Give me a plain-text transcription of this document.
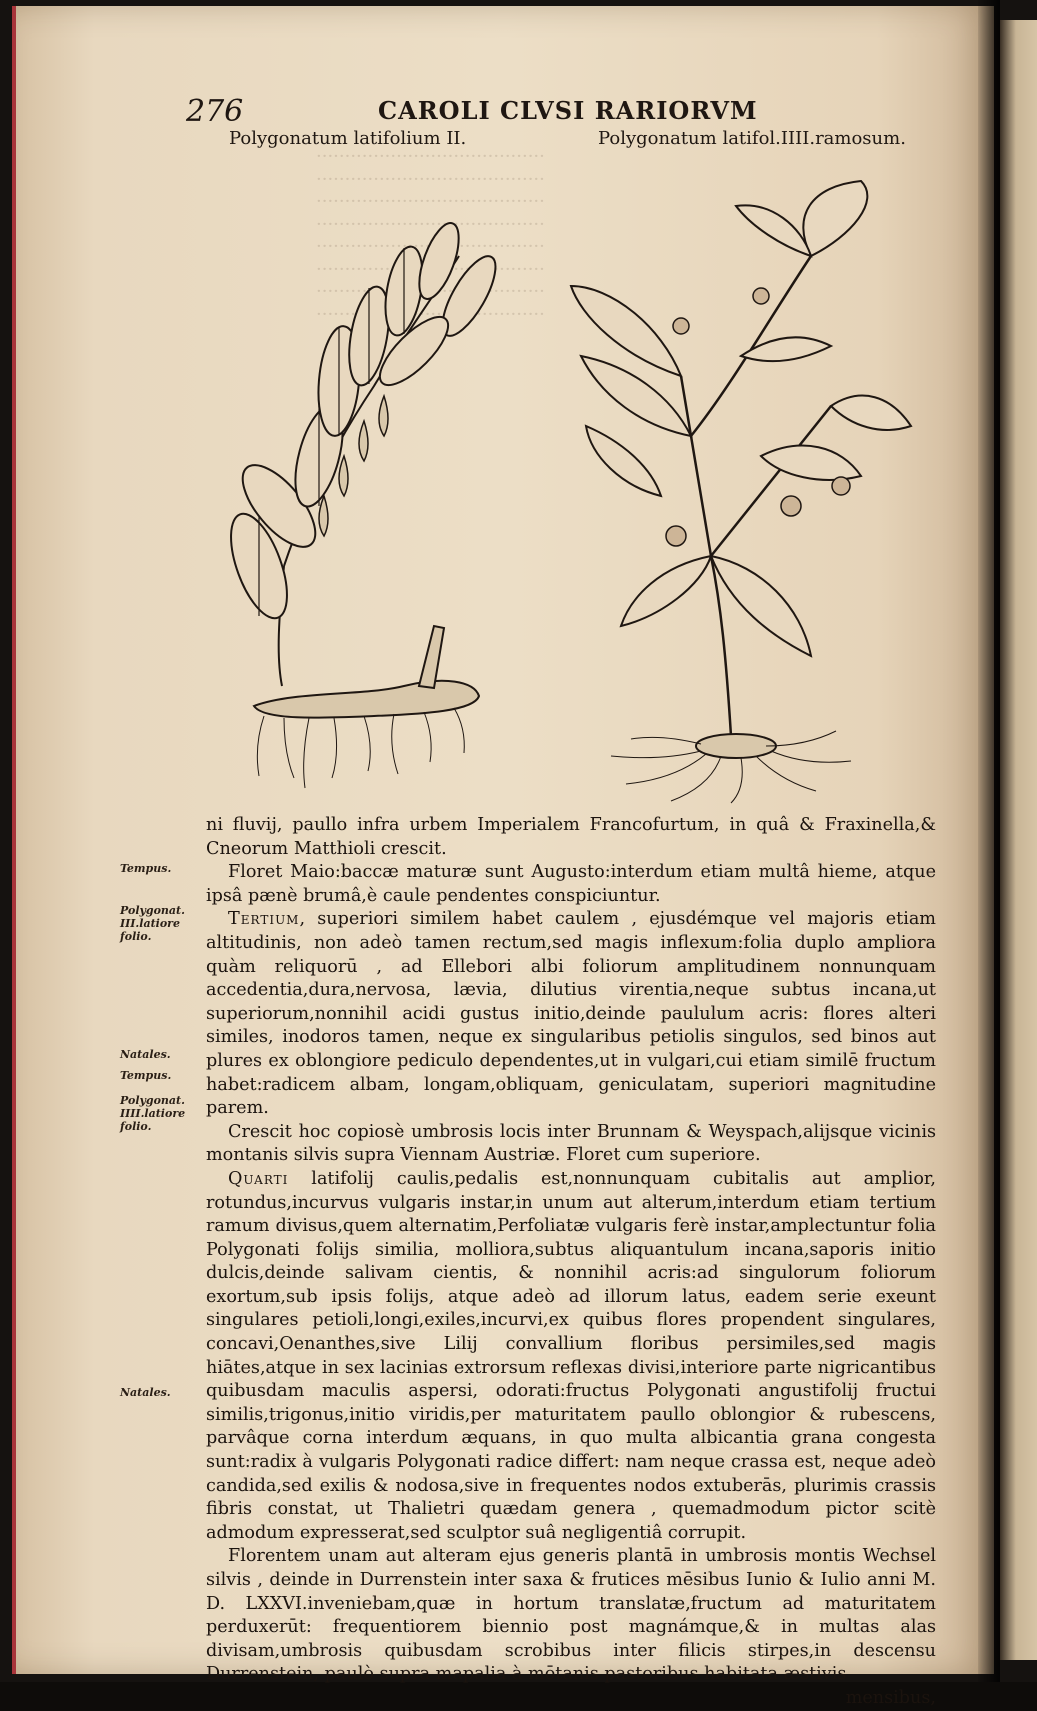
········································
········································
········································
········································

········································
276	CAROLI CLVSI RARIORVM
Polygonatum latifolium II.	Polygonatum latifol.IIII.ramosum.
Tempus.
Polygonat. III.latiore folio.
Natales.
Tempus.
Polygonat. IIII.latiore folio.
Natales.

ni fluvij, paullo infra urbem Imperialem Francofurtum, in quâ & Fraxinella,& Cneorum Matthioli crescit.

Floret Maio:baccæ maturæ sunt Augusto:interdum etiam multâ hieme, atque ipsâ pænè brumâ,è caule pendentes conspiciuntur.

Tertium, superiori similem habet caulem , ejusdémque vel majoris etiam altitudinis, non adeò tamen rectum,sed magis inflexum:folia duplo ampliora quàm reliquorū , ad Ellebori albi foliorum amplitudinem nonnunquam accedentia,dura,nervosa, lævia, dilutius virentia,neque subtus incana,ut superiorum,nonnihil acidi gustus initio,deinde paululum acris: flores alteri similes, inodoros tamen, neque ex singularibus petiolis singulos, sed binos aut plures ex oblongiore pediculo dependentes,ut in vulgari,cui etiam similē fructum habet:radicem albam, longam,obliquam, geniculatam, superiori magnitudine parem.

Crescit hoc copiosè umbrosis locis inter Brunnam & Weyspach,alijsque vicinis montanis silvis supra Viennam Austriæ. Floret cum superiore.

Quarti latifolij caulis,pedalis est,nonnunquam cubitalis aut amplior, rotundus,incurvus vulgaris instar,in unum aut alterum,interdum etiam tertium ramum divisus,quem alternatim,Perfoliatæ vulgaris ferè instar,amplectuntur folia Polygonati folijs similia, molliora,subtus aliquantulum incana,saporis initio dulcis,deinde salivam cientis, & nonnihil acris:ad singulorum foliorum exortum,sub ipsis folijs, atque adeò ad illorum latus, eadem serie exeunt singulares petioli,longi,exiles,incurvi,ex quibus flores propendent singulares, concavi,Oenanthes,sive Lilij convallium floribus persimiles,sed magis hiātes,atque in sex lacinias extrorsum reflexas divisi,interiore parte nigricantibus quibusdam maculis aspersi, odorati:fructus Polygonati angustifolij fructui similis,trigonus,initio viridis,per maturitatem paullo oblongior & rubescens, parvâque corna interdum æquans, in quo multa albicantia grana congesta sunt:radix à vulgaris Polygonati radice differt: nam neque crassa est, neque adeò candida,sed exilis & nodosa,sive in frequentes nodos extuberās, plurimis crassis fibris constat, ut Thalietri quædam genera , quemadmodum pictor scitè admodum expresserat,sed sculptor suâ negligentiâ corrupit.

Florentem unam aut alteram ejus generis plantā in umbrosis montis Wechsel silvis , deinde in Durrenstein inter saxa & frutices mēsibus Iunio & Iulio anni M. D. LXXVI.inveniebam,quæ in hortum translatæ,fructum ad maturitatem perduxerūt: frequentiorem biennio post magnámque,& in multas alas divisam,umbrosis quibusdam scrobibus inter filicis stirpes,in descensu Durrenstein, paulò supra mapalia à mōtanis pastoribus habitata æstivis

mensibus,
